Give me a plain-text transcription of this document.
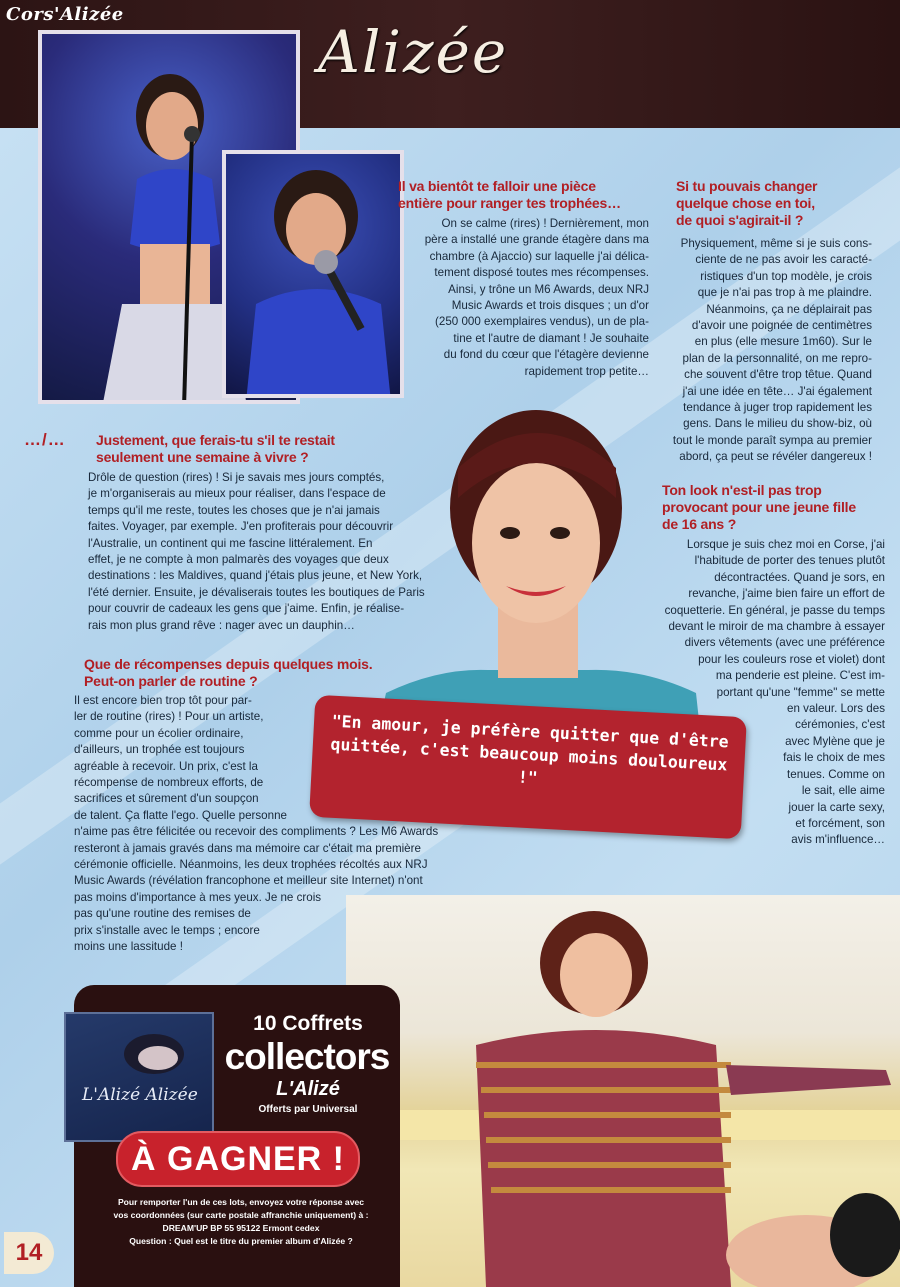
Cors'Alizée
Alizée
Il va bientôt te falloir une pièce entière pour ranger tes trophées…
On se calme (rires) ! Dernièrement, mon
père a installé une grande étagère dans ma
chambre (à Ajaccio) sur laquelle j'ai délica-
tement disposé toutes mes récompenses.
Ainsi, y trône un M6 Awards, deux NRJ
Music Awards et trois disques ; un d'or
(250 000 exemplaires vendus), un de pla-
tine et l'autre de diamant ! Je souhaite
du fond du cœur que l'étagère devienne
rapidement trop petite…
Si tu pouvais changer
quelque chose en toi,
de quoi s'agirait-il ?
Physiquement, même si je suis cons-
ciente de ne pas avoir les caracté-
ristiques d'un top modèle, je crois
que je n'ai pas trop à me plaindre.
Néanmoins, ça ne déplairait pas
d'avoir une poignée de centimètres
en plus (elle mesure 1m60). Sur le
plan de la personnalité, on me repro-
che souvent d'être trop têtue. Quand
j'ai une idée en tête… J'ai également
tendance à juger trop rapidement les
gens. Dans le milieu du show-biz, où
tout le monde paraît sympa au premier
abord, ça peut se révéler dangereux !
…/… Justement, que ferais-tu s'il te restait
seulement une semaine à vivre ?
Drôle de question (rires) ! Si je savais mes jours comptés,
je m'organiserais au mieux pour réaliser, dans l'espace de
temps qu'il me reste, toutes les choses que je n'ai jamais
faites. Voyager, par exemple. J'en profiterais pour découvrir
l'Australie, un continent qui me fascine littéralement. En
effet, je ne compte à mon palmarès des voyages que deux
destinations : les Maldives, quand j'étais plus jeune, et New York,
l'été dernier. Ensuite, je dévaliserais toutes les boutiques de Paris
pour couvrir de cadeaux les gens que j'aime. Enfin, je réalise-
rais mon plus grand rêve : nager avec un dauphin…
Ton look n'est-il pas trop
provocant pour une jeune fille
de 16 ans ?
Lorsque je suis chez moi en Corse, j'ai
l'habitude de porter des tenues plutôt
décontractées. Quand je sors, en
revanche, j'aime bien faire un effort de
coquetterie. En général, je passe du temps
devant le miroir de ma chambre à essayer
divers vêtements (avec une préférence
pour les couleurs rose et violet) dont
ma penderie est pleine. C'est im-
portant qu'une "femme" se mette
en valeur. Lors des
cérémonies, c'est
avec Mylène que je
fais le choix de mes
tenues. Comme on
le sait, elle aime
jouer la carte sexy,
et forcément, son
avis m'influence…
Que de récompenses depuis quelques mois.
Peut-on parler de routine ?
Il est encore bien trop tôt pour par-
ler de routine (rires) ! Pour un artiste,
comme pour un écolier ordinaire,
d'ailleurs, un trophée est toujours
agréable à recevoir. Un prix, c'est la
récompense de nombreux efforts, de
sacrifices et sûrement d'un soupçon
de talent. Ça flatte l'ego. Quelle personne
n'aime pas être félicitée ou recevoir des compliments ? Les M6 Awards
resteront à jamais gravés dans ma mémoire car c'était ma première
cérémonie officielle. Néanmoins, les deux trophées récoltés aux NRJ
Music Awards (révélation francophone et meilleur site Internet) n'ont
pas moins d'importance à mes yeux. Je ne crois
pas qu'une routine des remises de
prix s'installe avec le temps ; encore
moins une lassitude !
"En amour, je préfère quitter que d'être quittée, c'est beaucoup moins douloureux !"
L'Alizé Alizée
10 Coffrets
collectors
L'Alizé
Offerts par Universal
À GAGNER !
Pour remporter l'un de ces lots, envoyez votre réponse avec
vos coordonnées (sur carte postale affranchie uniquement) à :
DREAM'UP BP 55 95122 Ermont cedex
Question : Quel est le titre du premier album d'Alizée ?
14
